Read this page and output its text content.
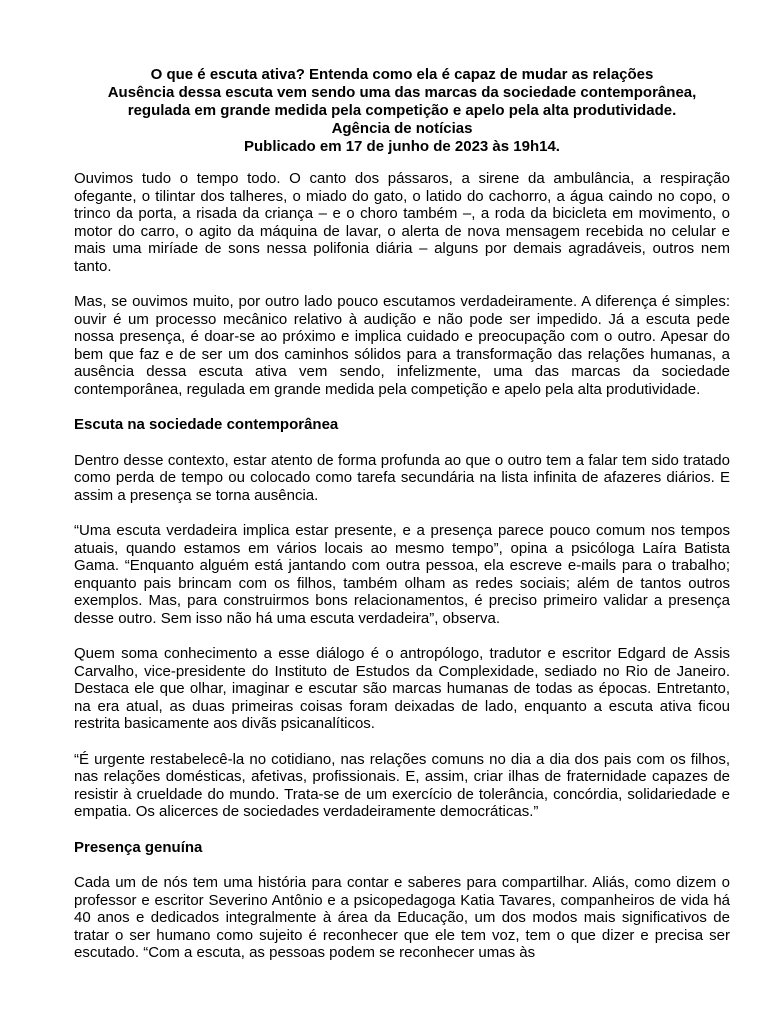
O que é escuta ativa? Entenda como ela é capaz de mudar as relações

Ausência dessa escuta vem sendo uma das marcas da sociedade contemporânea,

regulada em grande medida pela competição e apelo pela alta produtividade.

Agência de notícias

Publicado em 17 de junho de 2023 às 19h14.

Ouvimos tudo o tempo todo. O canto dos pássaros, a sirene da ambulância, a respiração ofegante, o tilintar dos talheres, o miado do gato, o latido do cachorro, a água caindo no copo, o trinco da porta, a risada da criança – e o choro também –, a roda da bicicleta em movimento, o motor do carro, o agito da máquina de lavar, o alerta de nova mensagem recebida no celular e mais uma miríade de sons nessa polifonia diária – alguns por demais agradáveis, outros nem tanto.

Mas, se ouvimos muito, por outro lado pouco escutamos verdadeiramente. A diferença é simples: ouvir é um processo mecânico relativo à audição e não pode ser impedido. Já a escuta pede nossa presença, é doar-se ao próximo e implica cuidado e preocupação com o outro. Apesar do bem que faz e de ser um dos caminhos sólidos para a transformação das relações humanas, a ausência dessa escuta ativa vem sendo, infelizmente, uma das marcas da sociedade contemporânea, regulada em grande medida pela competição e apelo pela alta produtividade.

Escuta na sociedade contemporânea

Dentro desse contexto, estar atento de forma profunda ao que o outro tem a falar tem sido tratado como perda de tempo ou colocado como tarefa secundária na lista infinita de afazeres diários. E assim a presença se torna ausência.

“Uma escuta verdadeira implica estar presente, e a presença parece pouco comum nos tempos atuais, quando estamos em vários locais ao mesmo tempo”, opina a psicóloga Laíra Batista Gama. “Enquanto alguém está jantando com outra pessoa, ela escreve e-mails para o trabalho; enquanto pais brincam com os filhos, também olham as redes sociais; além de tantos outros exemplos. Mas, para construirmos bons relacionamentos, é preciso primeiro validar a presença desse outro. Sem isso não há uma escuta verdadeira”, observa.

Quem soma conhecimento a esse diálogo é o antropólogo, tradutor e escritor Edgard de Assis Carvalho, vice-presidente do Instituto de Estudos da Complexidade, sediado no Rio de Janeiro. Destaca ele que olhar, imaginar e escutar são marcas humanas de todas as épocas. Entretanto, na era atual, as duas primeiras coisas foram deixadas de lado, enquanto a escuta ativa ficou restrita basicamente aos divãs psicanalíticos.

“É urgente restabelecê-la no cotidiano, nas relações comuns no dia a dia dos pais com os filhos, nas relações domésticas, afetivas, profissionais. E, assim, criar ilhas de fraternidade capazes de resistir à crueldade do mundo. Trata-se de um exercício de tolerância, concórdia, solidariedade e empatia. Os alicerces de sociedades verdadeiramente democráticas.”

Presença genuína

Cada um de nós tem uma história para contar e saberes para compartilhar. Aliás, como dizem o professor e escritor Severino Antônio e a psicopedagoga Katia Tavares, companheiros de vida há 40 anos e dedicados integralmente à área da Educação, um dos modos mais significativos de tratar o ser humano como sujeito é reconhecer que ele tem voz, tem o que dizer e precisa ser escutado. “Com a escuta, as pessoas podem se reconhecer umas às
